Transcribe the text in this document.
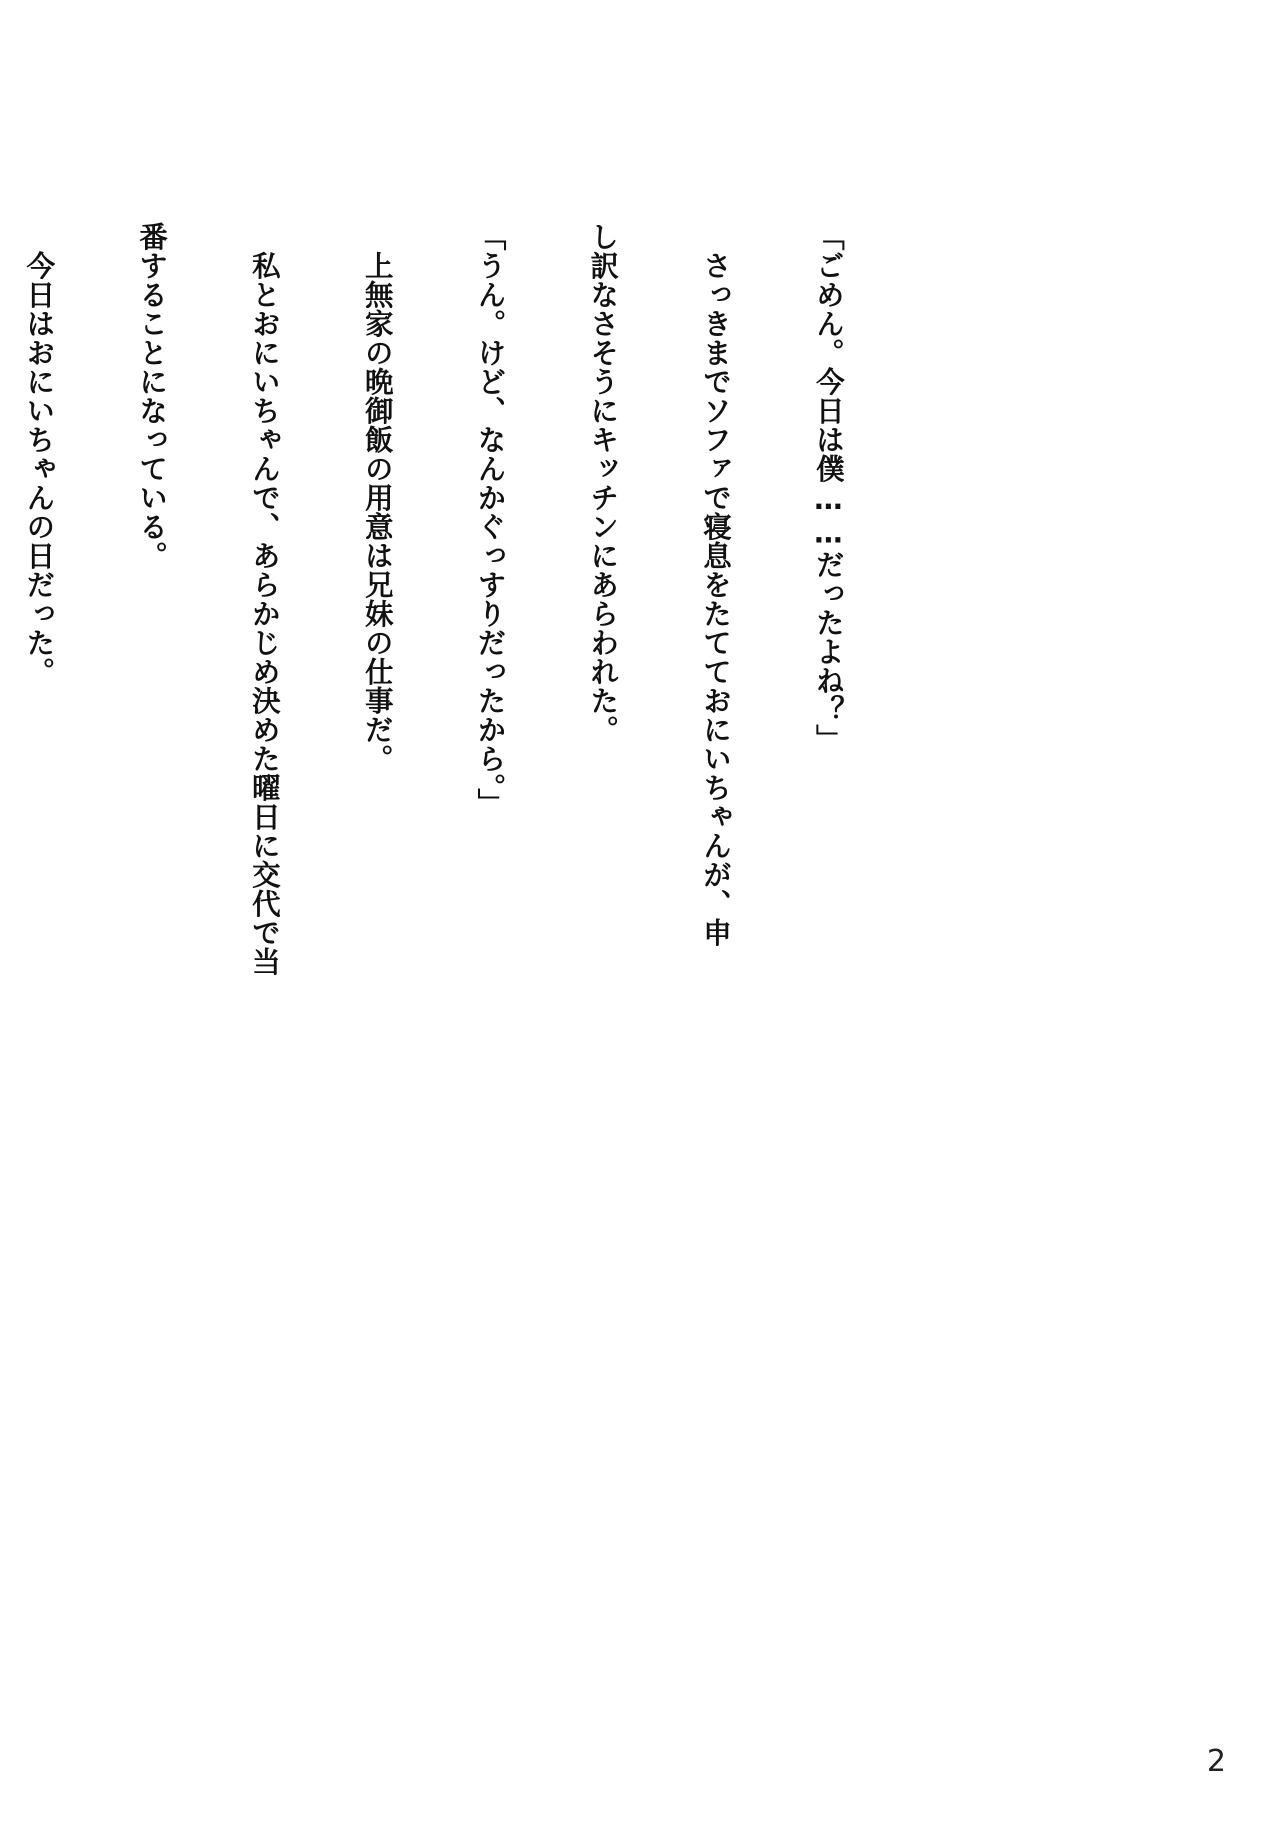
「ごめん。今日は僕……だったよね？」

　さっきまでソファで寝息をたてておにいちゃんが、申

し訳なさそうにキッチンにあらわれた。

「うん。けど、なんかぐっすりだったから。」

　上無家の晩御飯の用意は兄妹の仕事だ。

　私とおにいちゃんで、あらかじめ決めた曜日に交代で当

番することになっている。

　今日はおにいちゃんの日だった。

2
